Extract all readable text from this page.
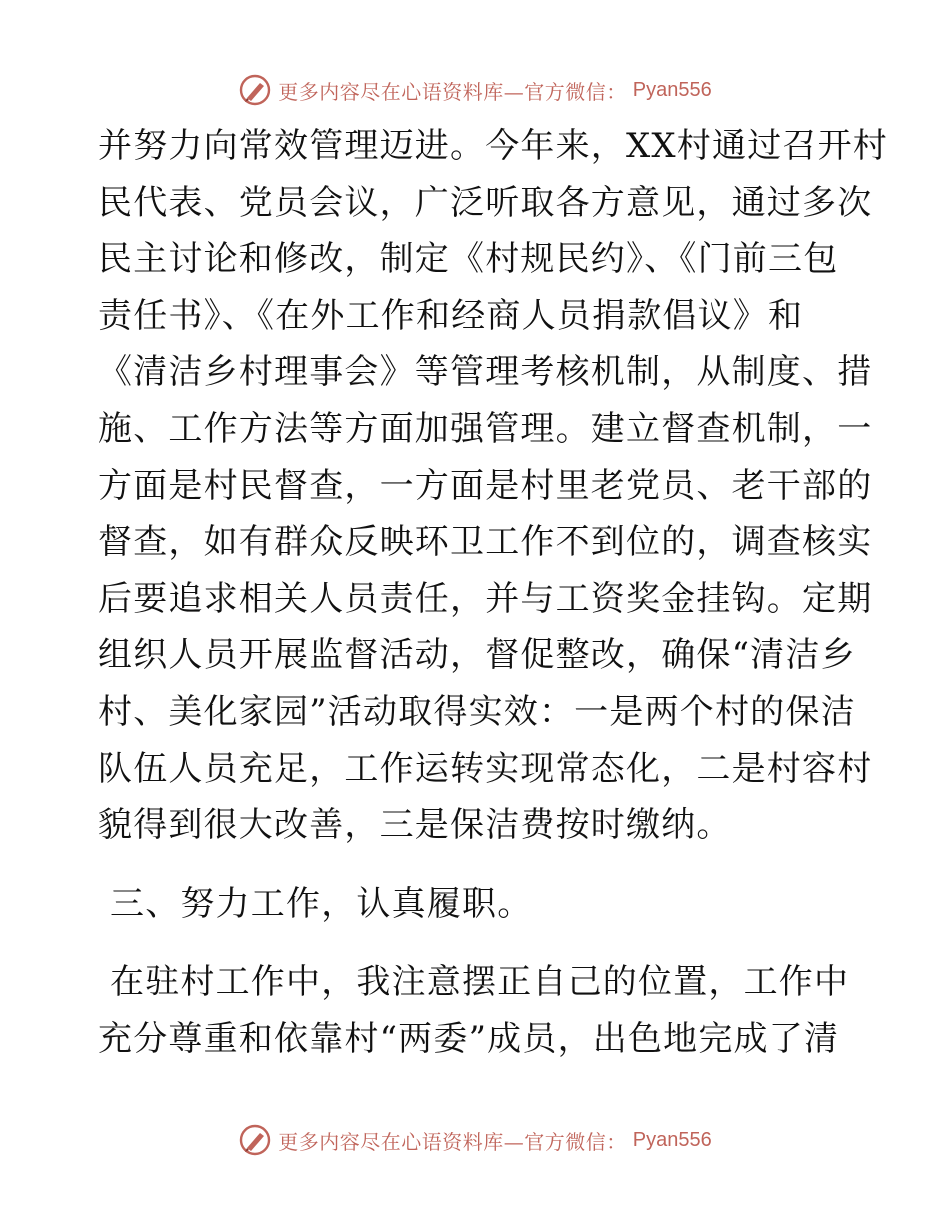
更多内容尽在心语资料库—官方微信： Pyan556

并努力向常效管理迈进。今年来，XX村通过召开村

民代表、党员会议，广泛听取各方意见，通过多次

民主讨论和修改，制定《村规民约》、《门前三包

责任书》、《在外工作和经商人员捐款倡议》和

《清洁乡村理事会》等管理考核机制，从制度、措

施、工作方法等方面加强管理。建立督查机制，一

方面是村民督查，一方面是村里老党员、老干部的

督查，如有群众反映环卫工作不到位的，调查核实

后要追求相关人员责任，并与工资奖金挂钩。定期

组织人员开展监督活动，督促整改，确保“清洁乡

村、美化家园”活动取得实效：一是两个村的保洁

队伍人员充足，工作运转实现常态化，二是村容村

貌得到很大改善，三是保洁费按时缴纳。

三、努力工作，认真履职。

在驻村工作中，我注意摆正自己的位置，工作中

充分尊重和依靠村“两委”成员，出色地完成了清

更多内容尽在心语资料库—官方微信： Pyan556
